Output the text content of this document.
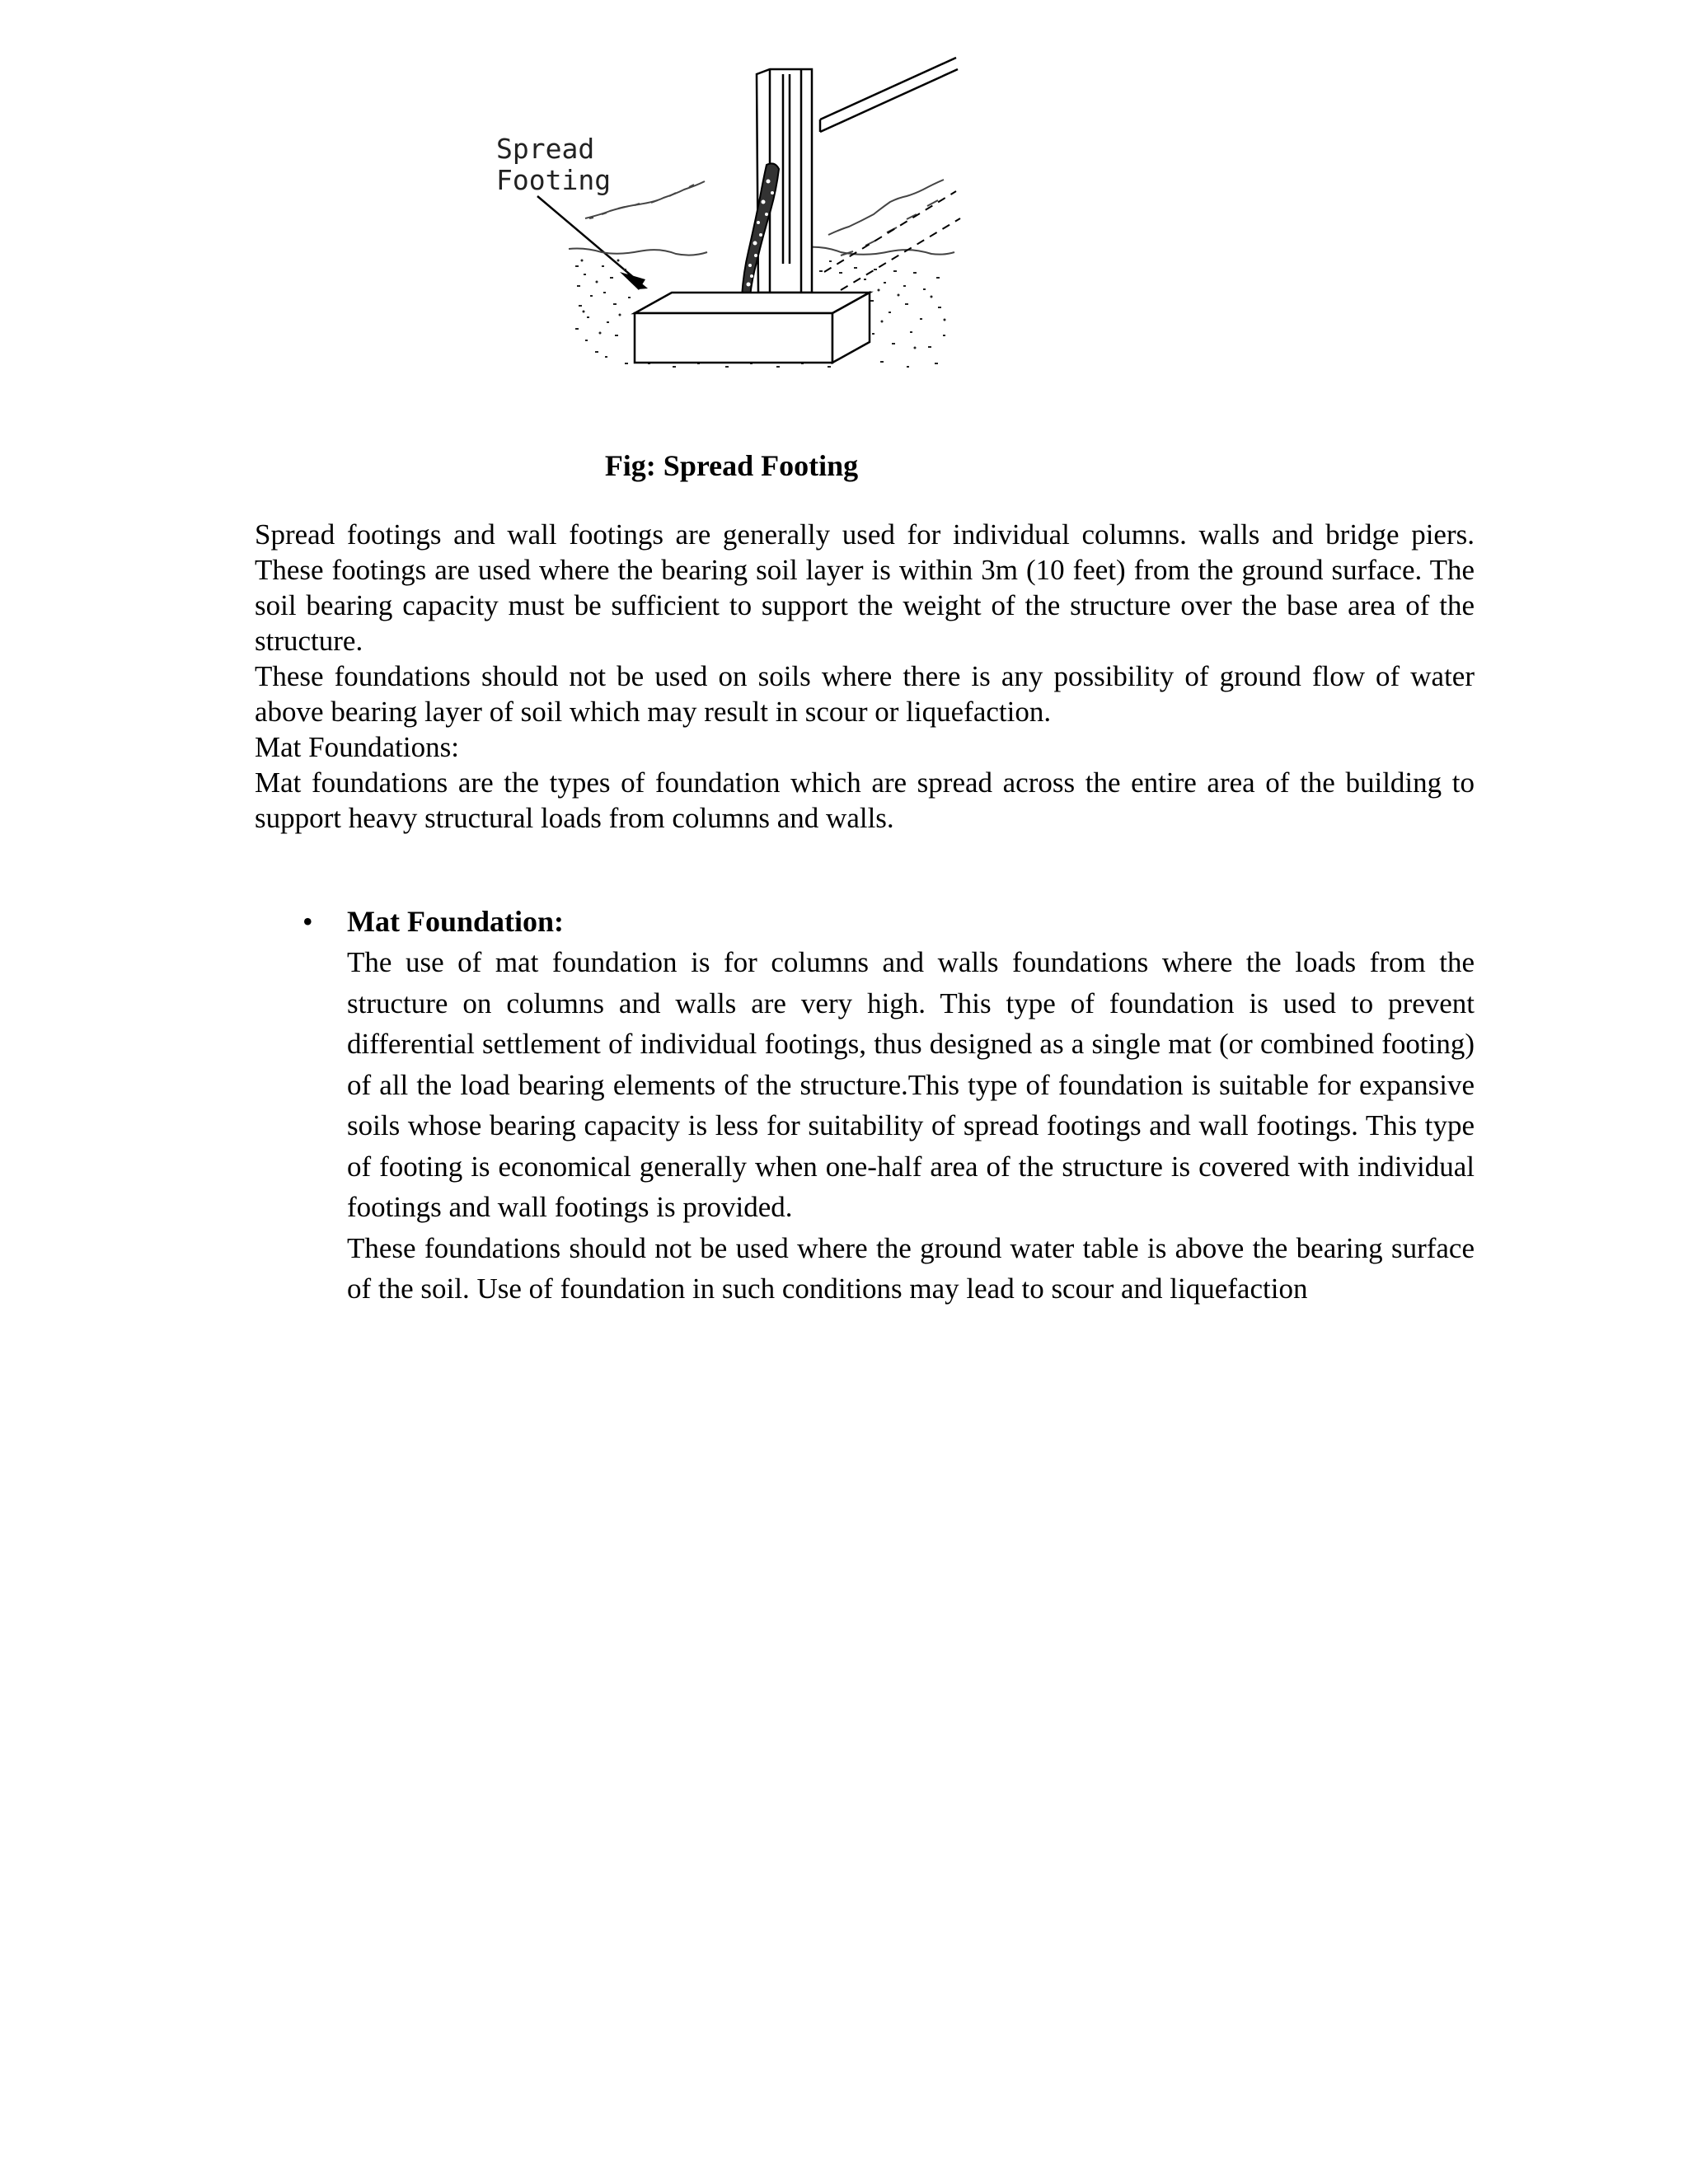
Spread
Footing
Fig: Spread Footing

Spread footings and wall footings are generally used for individual columns. walls and bridge piers. These footings are used where the bearing soil layer is within 3m (10 feet) from the ground surface. The soil bearing capacity must be sufficient to support the weight of the structure over the base area of the structure.

These foundations should not be used on soils where there is any possibility of ground flow of water above bearing layer of soil which may result in scour or liquefaction.

Mat Foundations:

Mat foundations are the types of foundation which are spread across the entire area of the building to support heavy structural loads from columns and walls.

• Mat Foundation:

The use of mat foundation is for columns and walls foundations where the loads from the structure on columns and walls are very high. This type of foundation is used to prevent differential settlement of individual footings, thus designed as a single mat (or combined footing) of all the load bearing elements of the structure.This type of foundation is suitable for expansive soils whose bearing capacity is less for suitability of spread footings and wall footings. This type of footing is economical generally when one-half area of the structure is covered with individual footings and wall footings is provided.

These foundations should not be used where the ground water table is above the bearing surface of the soil. Use of foundation in such conditions may lead to scour and liquefaction
